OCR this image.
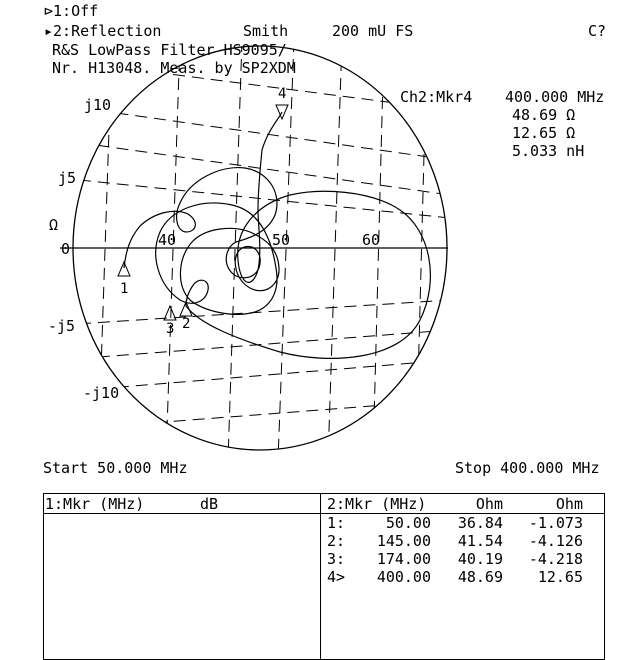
⊳1:Off
▸2:Reflection	Smith	200 mU FS	C?
1
2
3
4
j10
j5
Ω
0
-j5
-j10
40	50	60
R&S LowPass Filter HS9095/
Nr. H13048. Meas. by SP2XDM
Ch2:Mkr4 400.000 MHz
48.69 Ω
12.65 Ω
5.033 nH
Start 50.000 MHz	Stop 400.000 MHz
1:Mkr (MHz)	dB	2:Mkr (MHz)	Ohm	Ohm
1:	50.00	36.84	-1.073
2:	145.00	41.54	-4.126
3:	174.00	40.19	-4.218
4>	400.00	48.69	12.65
